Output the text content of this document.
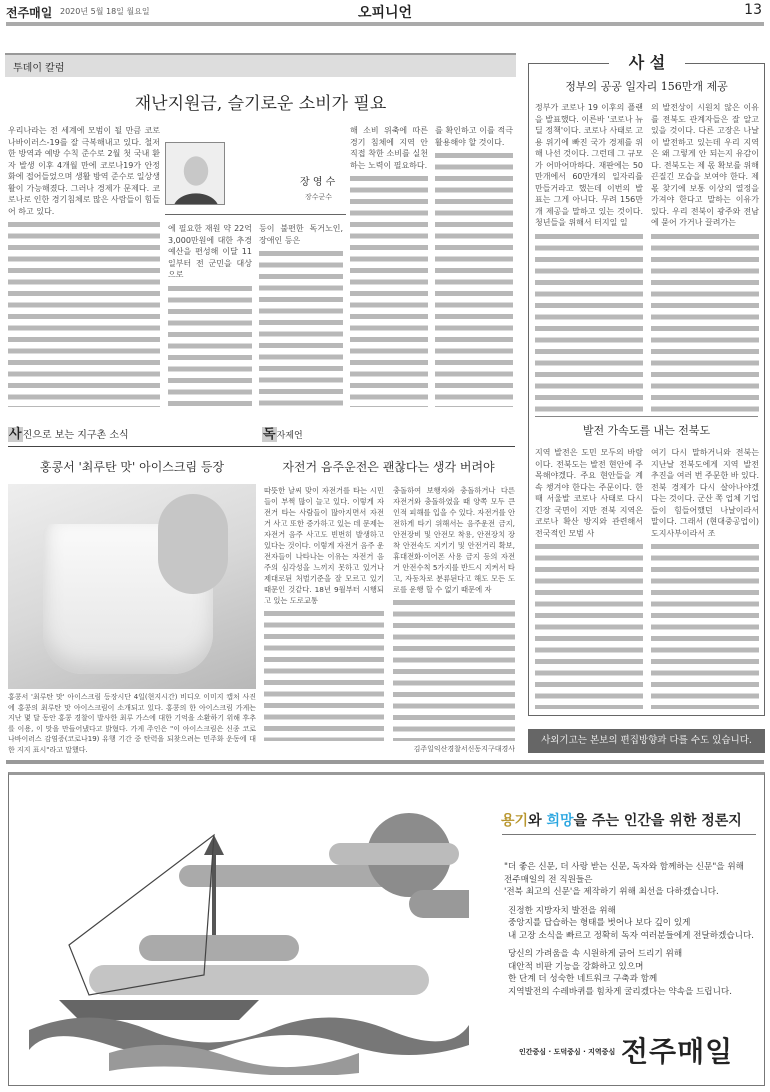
전주매일 2020년 5월 18일 월요일	오피니언	13
투데이 칼럼
재난지원금, 슬기로운 소비가 필요
장 영 수
장수군수
우리나라는 전 세계에 모범이 될 만큼 코로나바이러스-19를 잘 극복해내고 있다. 철저한 방역과 예방 수칙 준수로 2월 첫 국내 환자 발생 이후 4개월 만에 코로나19가 안정화에 접어들었으며 생활 방역 준수로 일상생활이 가능해졌다. 그러나 경제가 문제다. 코로나로 인한 경기침체로 많은 사람들이 힘들어 하고 있다.
에 필요한 재원 약 22억 3,000만원에 대한 추경 예산을 편성해 이달 11일부터 전 군민을 대상으로
등이 불편한 독거노인, 장애인 등은
해 소비 위축에 따른 경기 침체에 지역 안 직접 착한 소비를 실천하는 노력이 필요하다.
를 확인하고 이를 적극 활용해야 할 것이다.
사 설
정부의 공공 일자리 156만개 제공
정부가 코로나 19 이후의 플랜을 발표했다. 이른바 '코로나 뉴딜 정책'이다. 코로나 사태로 고용 위기에 빠진 국가 경제를 위해 나선 것이다. 그런데 그 규모가 어마어마하다. 재판에는 50만개에서 60만개의 일자리를 만들거라고 했는데 이번의 발표는 그게 아니다. 무려 156만 개 제공을 말하고 있는 것이다. 청년들을 위해서 터지일 일
의 발전상이 시원치 않은 이유를 전북도 관계자들은 잘 알고 있을 것이다. 다른 고장은 나날이 발전하고 있는데 우리 지역은 왜 그렇게 안 되는지 유감이다. 전북도는 제 몫 확보를 위해 끈질긴 모습을 보여야 한다. 제몫 찾기에 보통 이상의 열정을 가져야 한다고 말하는 이유가 있다. 우리 전북이 광주와 전남에 묻어 가거나 끌려가는
발전 가속도를 내는 전북도
지역 발전은 도민 모두의 바람이다. 전북도는 발전 현안에 주목해야겠다. 주요 현안들을 계속 챙겨야 한다는 주문이다. 한때 서울발 코로나 사태로 다시 긴장 국면이 지만 전북 지역은 코로나 확산 방지와 관련해서 전국적인 모범 사
여기 다시 말하거니와 전북는 지난날 전북도에게 지역 발전 추진을 여러 번 주문한 바 있다. 전북 경제가 다시 살아나야겠다는 것이다. 군산 쪽 업체 기업들이 힘들어했던 나날이라서 말이다. 그래서 (현대중공업이) 도지사부이라서 조
사외기고는 본보의 편집방향과 다를 수도 있습니다.
사진으로 보는 지구촌 소식
홍콩서 '최루탄 맛' 아이스크림 등장
홍콩서 '최루탄 맛' 아이스크림 등장시단 4일(현지시간) 비디오 이미지 캡처 사진에 홍콩의 최루탄 맛 아이스크림이 소개되고 있다. 홍콩의 한 아이스크림 가게는 지난 몇 달 동안 홍콩 경찰이 발사한 최루 가스에 대한 기억을 소환하기 위해 후추를 이용, 이 맛을 만들어냈다고 밝혔다. 가게 주인은 "이 아이스크림은 신종 코로나바이러스 감염증(코로나19) 유행 기간 중 탄력을 되찾으려는 민주화 운동에 대한 지지 표시"라고 말했다.
독자제언
자전거 음주운전은 괜찮다는 생각 버려야
따뜻한 날씨 맞이 자전거를 타는 시민들이 부쩍 많이 늘고 있다. 이렇게 자전거 타는 사람들이 많아지면서 자전거 사고 또한 증가하고 있는 데 문제는 자전거 음주 사고도 빈번히 발생하고 있다는 것이다. 이렇게 자전거 음주 운전자들이 나타나는 이유는 자전거 음주의 심각성을 느끼지 못하고 있거나 제대로된 처벌기준을 잘 모르고 있기 때문인 것같다. 18년 9월부터 시행되고 있는 도로교통
충돌하여 보행자와 충돌하거나 다른 자전거와 충돌하였을 때 양쪽 모두 큰 인적 피해를 입을 수 있다. 자전거를 안전하게 타기 위해서는 음주운전 금지, 안전장비 및 안전모 착용, 안전장치 장착 안전속도 지키기 및 안전거리 확보, 휴대전화·이어폰 사용 금지 등의 자전거 안전수칙 5가지를 반드시 지켜서 타고, 자동차로 분류된다고 해도 모든 도로를 운행 할 수 없기 때문에 자
김주일익산경찰서신동지구대경사
용기와 희망을 주는 인간을 위한 정론지
"더 좋은 신문, 더 사랑 받는 신문, 독자와 함께하는 신문"을 위해
전주매일의 전 직원들은
'전북 최고의 신문'을 제작하기 위해 최선을 다하겠습니다.
진정한 지방자치 발전을 위해
중앙지를 답습하는 형태를 벗어나 보다 깊이 있게
내 고장 소식을 빠르고 정확히 독자 여러분들에게 전달하겠습니다.
당신의 가려움을 속 시원하게 긁어 드리기 위해
대안적 비판 기능을 강화하고 있으며
한 단계 더 성숙한 네트워크 구축과 함께
지역발전의 수레바퀴를 힘차게 굴리겠다는 약속을 드립니다.
인간중심 · 도덕중심 · 지역중심 전주매일
